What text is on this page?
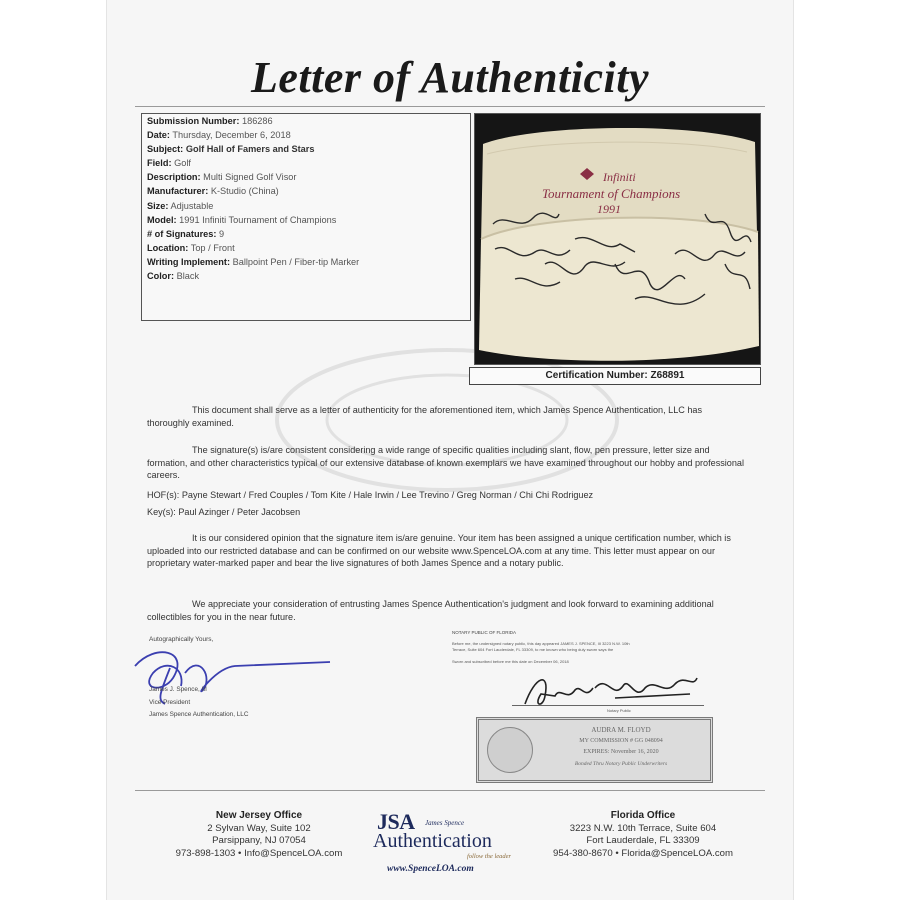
Letter of Authenticity
Submission Number: 186286
Date: Thursday, December 6, 2018
Subject: Golf Hall of Famers and Stars
Field: Golf
Description: Multi Signed Golf Visor
Manufacturer: K-Studio (China)
Size: Adjustable
Model: 1991 Infiniti Tournament of Champions
# of Signatures: 9
Location: Top / Front
Writing Implement: Ballpoint Pen / Fiber-tip Marker
Color: Black
Infiniti
Tournament of Champions
1991
Certification Number: Z68891
This document shall serve as a letter of authenticity for the aforementioned item, which James Spence Authentication, LLC has thoroughly examined.
The signature(s) is/are consistent considering a wide range of specific qualities including slant, flow, pen pressure, letter size and formation, and other characteristics typical of our extensive database of known exemplars we have examined throughout our hobby and professional careers.
HOF(s): Payne Stewart / Fred Couples / Tom Kite / Hale Irwin / Lee Trevino / Greg Norman / Chi Chi Rodriguez
Key(s): Paul Azinger / Peter Jacobsen
It is our considered opinion that the signature item is/are genuine. Your item has been assigned a unique certification number, which is uploaded into our restricted database and can be confirmed on our website www.SpenceLOA.com at any time. This letter must appear on our proprietary water-marked paper and bear the live signatures of both James Spence and a notary public.
We appreciate your consideration of entrusting James Spence Authentication's judgment and look forward to examining additional collectibles for you in the near future.
Autographically Yours,
James J. Spence, III
Vice President
James Spence Authentication, LLC
NOTARY PUBLIC OF FLORIDA
Before me, the undersigned notary public, this day appeared JAMES J. SPENCE, III 3223 N.W. 10th
Terrace, Suite 604 Fort Lauderdale, FL 33309, to me known who being duly sworn says the
Sworn and subscribed before me this date on December 06, 2018
Notary Public
AUDRA M. FLOYD
MY COMMISSION # GG 048094
EXPIRES: November 16, 2020
Bonded Thru Notary Public Underwriters
New Jersey Office
2 Sylvan Way, Suite 102
Parsippany, NJ 07054
973-898-1303 • Info@SpenceLOA.com
JSA James Spence
Authentication
follow the leader
www.SpenceLOA.com
Florida Office
3223 N.W. 10th Terrace, Suite 604
Fort Lauderdale, FL 33309
954-380-8670 • Florida@SpenceLOA.com
